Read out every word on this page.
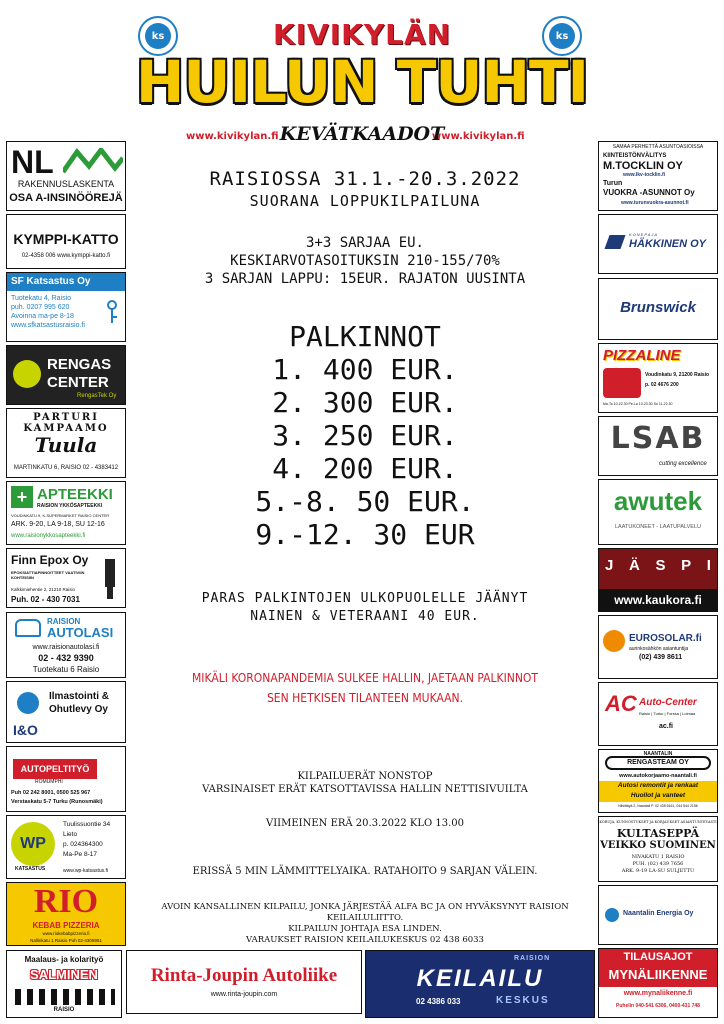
ks	ks
KIVIKYLÄN
HUILUN TUHTI
www.kivikylan.fi	www.kivikylan.fi
KEVÄTKAADOT
RAISIOSSA 31.1.-20.3.2022
SUORANA LOPPUKILPAILUNA
3+3 SARJAA EU.
KESKIARVOTASOITUKSIN 210-155/70%
3 SARJAN LAPPU: 15EUR. RAJATON UUSINTA
PALKINNOT
1. 400 EUR.
2. 300 EUR.
3. 250 EUR.
4. 200 EUR.
5.-8. 50 EUR.
9.-12. 30 EUR
PARAS PALKINTOJEN ULKOPUOLELLE JÄÄNYT
NAINEN & VETERAANI 40 EUR.
MIKÄLI KORONAPANDEMIA SULKEE HALLIN, JAETAAN PALKINNOT
SEN HETKISEN TILANTEEN MUKAAN.
KILPAILUERÄT NONSTOP
VARSINAISET ERÄT KATSOTTAVISSA HALLIN NETTISIVUILTA
VIIMEINEN ERÄ 20.3.2022 KLO 13.00
ERISSÄ 5 MIN LÄMMITTELYAIKA. RATAHOITO 9 SARJAN VÄLEIN.
AVOIN KANSALLINEN KILPAILU, JONKA JÄRJESTÄÄ ALFA BC JA ON HYVÄKSYNYT RAISION KEILAILULIITTO.
KILPAILUN JOHTAJA ESA LINDEN.
VARAUKSET RAISION KEILAILUKESKUS 02 438 6033
NL
RAKENNUSLASKENTA
OSA A-INSINÖÖREJÄ
KYMPPI-KATTO
02-4358 006 www.kymppi-katto.fi
SF Katsastus Oy
Tuotekatu 4, Raisio
puh. 0207 995 620
Avoinna ma-pe 8-18
www.sfkatsastusraisio.fi
RENGAS
CENTER
RengasTek Oy
PARTURI
KAMPAAMO
Tuula
MARTINKATU 6, RAISIO 02 - 4383412
+ APTEEKKI
RAISION YKKÖSAPTEEKKI
VOUDINKATU 9, K-SUPERMARKET RAISIO CENTER
ARK. 9-20, LA 9-18, SU 12-16
www.raisionykkosapteekki.fi
Finn Epox Oy
EPOKSIATTIAPINNOITTEET VAATIVIIN KOHTEISIIN
Kalkkimiehentie 2, 21210 Raisio
Puh. 02 - 430 7031
RAISION
AUTOLASI
www.raisionautolasi.fi
02 - 432 9390
Tuotekatu 6 Raisio
Ilmastointi & Ohutlevy Oy
I&O
AUTOPELTITYÖ
ROMUMPHI
Puh 02 242 8001, 0500 525 967
Verstaskatu 5-7 Turku (Runosmäki)
WP
KATSASTUS
Tuulissuontie 34
Lieto
p. 024364300
Ma-Pe 8-17
www.wp-katsastus.fi
RIO
KEBAB PIZZERIA
www.riokebabpizzeria.fi
Nallinkatu 1 Raisio Puh 02-4305951
Maalaus- ja kolarityö
SALMINEN
RAISIO
SAMAA PERHETTÄ ASUNTOASIOISSA
KIINTEISTÖNVÄLITYS
M.TOCKLIN OY
www.lkv-tocklin.fi
Turun
VUOKRA -ASUNNOT Oy
www.turunvuokra-asunnot.fi
KONEPAJA
HÄKKINEN OY
Brunswick
PIZZALINE
Voudinkatu 9, 21200 Raisio
p. 02 4676 200
Ma-To 10-22.30 Pe-La 10-23.30 Su 11-22.30
LSAB
cutting excellence
awutek
LAATUKONEET - LAATUPALVELU
J Ä S P I
www.kaukora.fi
EUROSOLAR.fi
aurinkosähkön asiantuntija
(02) 439 8611
AC Auto-Center
Raisio | Turku | Forssa | Loimaa
ac.fi
NAANTALIN
RENGASTEAM OY
www.autokorjaamo-naantali.fi
Autosi remontit ja renkaat
Huollot ja vanteet
Nilsittäyä 2, Naantali P. 02 435 6161, 044 544 2156
KORUJA, KUNNOSTUKSET JA KORJAUKSET ASIANTUNTEVASTI
KULTASEPPÄ
VEIKKO SUOMINEN
NIVAKATU 1 RAISIO
PUH. (02) 439 7656
ARK. 9-19 LA-SU SULJETTU
Naantalin Energia Oy
TILAUSAJOT
MYNÄLIIKENNE
www.mynaliikenne.fi
Puhelin 040-541 6306, 0400-431 748
Rinta-Joupin Autoliike
www.rinta-joupin.com
RAISION
KEILAILU
02 4386 033	KESKUS
